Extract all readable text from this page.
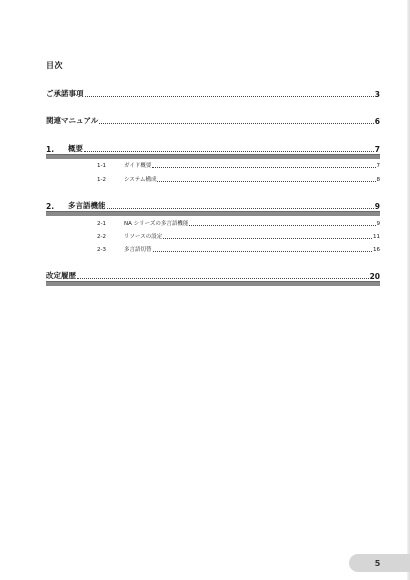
目次
ご承諾事項	3
関連マニュアル	6
1.	概要	7
1-1	ガイド概要	7
1-2	システム構成	8
2.	多言語機能	9
2-1	NA シリーズの多言語機能	9
2-2	リソースの設定	11
2-3	多言語切替	16
改定履歴	20
5
